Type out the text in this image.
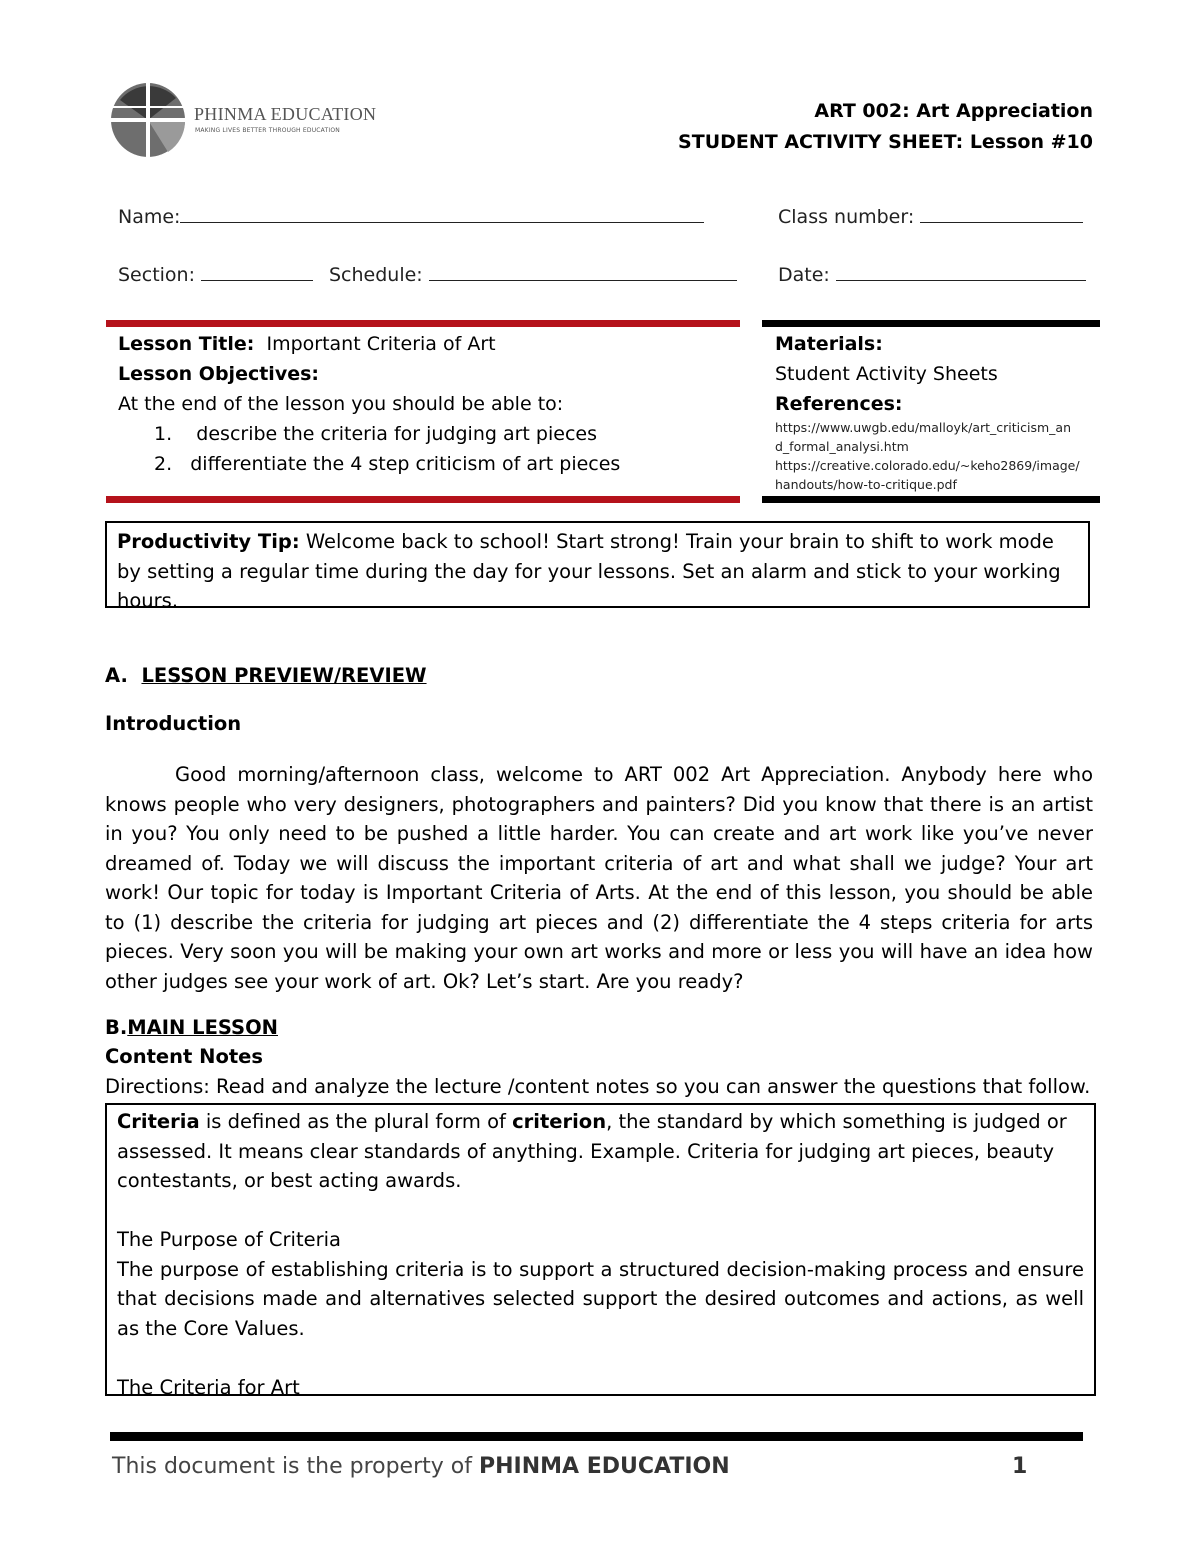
PHINMA EDUCATION
MAKING LIVES BETTER THROUGH EDUCATION
ART 002: Art Appreciation
STUDENT ACTIVITY SHEET: Lesson #10
Name:	Class number:
Section:	Schedule:	Date:
Lesson Title: Important Criteria of Art
Lesson Objectives:
At the end of the lesson you should be able to:
1.    describe the criteria for judging art pieces
2.   differentiate the 4 step criticism of art pieces
Materials:
Student Activity Sheets
References:
https://www.uwgb.edu/malloyk/art_criticism_an
d_formal_analysi.htm
https://creative.colorado.edu/~keho2869/image/
handouts/how-to-critique.pdf
Productivity Tip: Welcome back to school! Start strong! Train your brain to shift to work mode by setting a regular time during the day for your lessons. Set an alarm and stick to your working hours.
A. LESSON PREVIEW/REVIEW
Introduction

Good morning/afternoon class, welcome to ART 002 Art Appreciation. Anybody here who knows people who very designers, photographers and painters? Did you know that there is an artist in you? You only need to be pushed a little harder. You can create and art work like you’ve never dreamed of. Today we will discuss the important criteria of art and what shall we judge? Your art work! Our topic for today is Important Criteria of Arts. At the end of this lesson, you should be able to (1) describe the criteria for judging art pieces and (2) differentiate the 4 steps criteria for arts pieces. Very soon you will be making your own art works and more or less you will have an idea how other judges see your work of art. Ok? Let’s start. Are you ready?

B.MAIN LESSON
Content Notes
Directions: Read and analyze the lecture /content notes so you can answer the questions that follow.

Criteria is defined as the plural form of criterion, the standard by which something is judged or assessed. It means clear standards of anything. Example. Criteria for judging art pieces, beauty contestants, or best acting awards.

The Purpose of Criteria

The purpose of establishing criteria is to support a structured decision-making process and ensure that decisions made and alternatives selected support the desired outcomes and actions, as well as the Core Values.

The Criteria for Art

This document is the property of PHINMA EDUCATION	1
